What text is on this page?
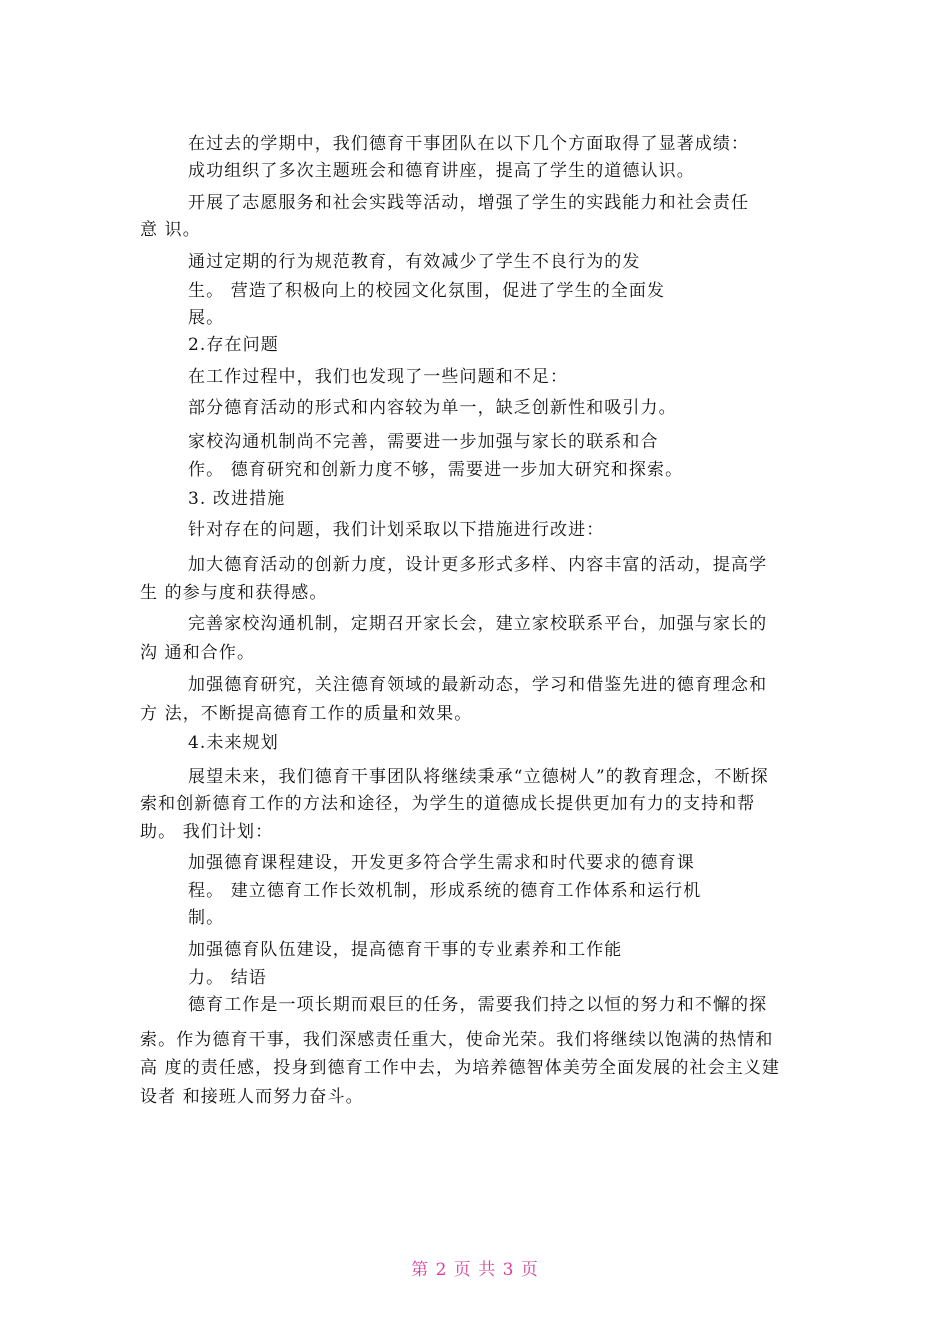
在过去的学期中，我们德育干事团队在以下几个方面取得了显著成绩：
成功组织了多次主题班会和德育讲座，提高了学生的道德认识。
开展了志愿服务和社会实践等活动，增强了学生的实践能力和社会责任
意 识。
通过定期的行为规范教育，有效减少了学生不良行为的发
生。 营造了积极向上的校园文化氛围，促进了学生的全面发
展。
2.存在问题
在工作过程中，我们也发现了一些问题和不足：
部分德育活动的形式和内容较为单一，缺乏创新性和吸引力。
家校沟通机制尚不完善，需要进一步加强与家长的联系和合
作。 德育研究和创新力度不够，需要进一步加大研究和探索。
3. 改进措施
针对存在的问题，我们计划采取以下措施进行改进：
加大德育活动的创新力度，设计更多形式多样、内容丰富的活动，提高学
生 的参与度和获得感。
完善家校沟通机制，定期召开家长会，建立家校联系平台，加强与家长的
沟 通和合作。
加强德育研究，关注德育领域的最新动态，学习和借鉴先进的德育理念和
方 法，不断提高德育工作的质量和效果。
4.未来规划
展望未来，我们德育干事团队将继续秉承“立德树人”的教育理念，不断探
索和创新德育工作的方法和途径，为学生的道德成长提供更加有力的支持和帮
助。 我们计划：
加强德育课程建设，开发更多符合学生需求和时代要求的德育课
程。 建立德育工作长效机制，形成系统的德育工作体系和运行机
制。
加强德育队伍建设，提高德育干事的专业素养和工作能
力。 结语
德育工作是一项长期而艰巨的任务，需要我们持之以恒的努力和不懈的探
索。作为德育干事，我们深感责任重大，使命光荣。我们将继续以饱满的热情和
高 度的责任感，投身到德育工作中去，为培养德智体美劳全面发展的社会主义建
设者 和接班人而努力奋斗。
第 2 页 共 3 页
